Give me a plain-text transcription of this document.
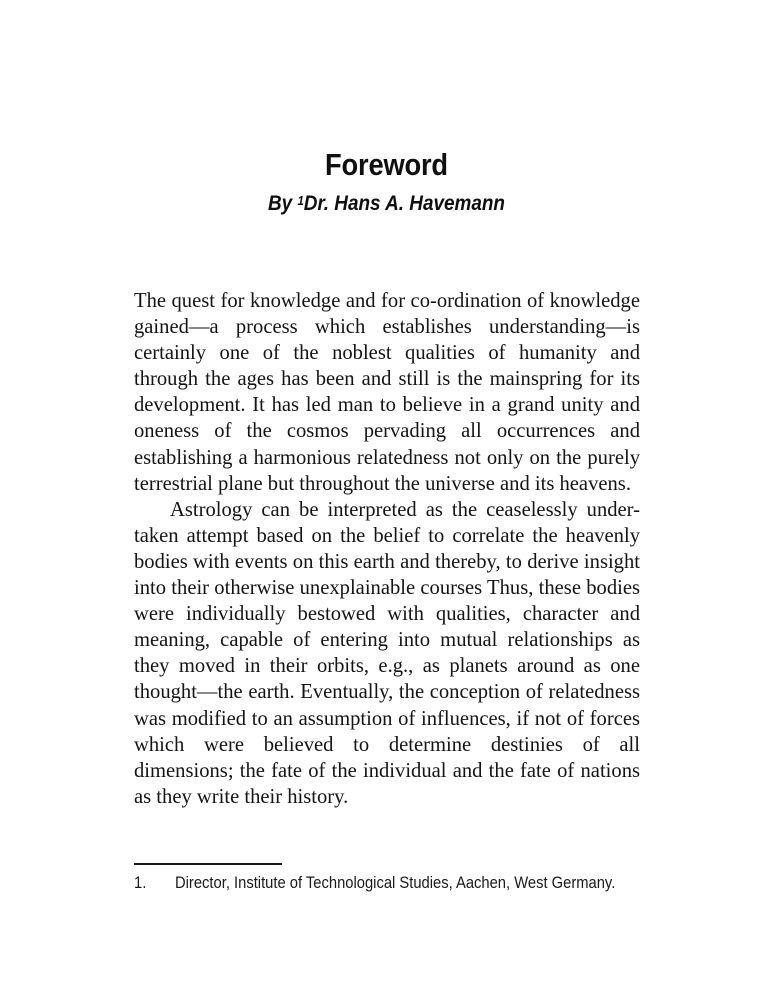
Foreword
By $^1$Dr. Hans A. Havemann

The quest for knowledge and for co-ordination of knowledge gained—a process which establishes understanding—is certainly one of the noblest qualities of humanity and through the ages has been and still is the mainspring for its development. It has led man to believe in a grand unity and oneness of the cosmos pervading all occurrences and establishing a harmonious relatedness not only on the purely terrestrial plane but throughout the universe and its heavens.

Astrology can be interpreted as the ceaselessly under-taken attempt based on the belief to correlate the heavenly bodies with events on this earth and thereby, to derive insight into their otherwise unexplainable courses Thus, these bodies were individually bestowed with qualities, character and meaning, capable of entering into mutual relationships as they moved in their orbits, e.g., as planets around as one thought—the earth. Eventually, the conception of relatedness was modified to an assumption of influences, if not of forces which were believed to determine destinies of all dimensions; the fate of the individual and the fate of nations as they write their history.

1.	Director, Institute of Technological Studies, Aachen, West Germany.
